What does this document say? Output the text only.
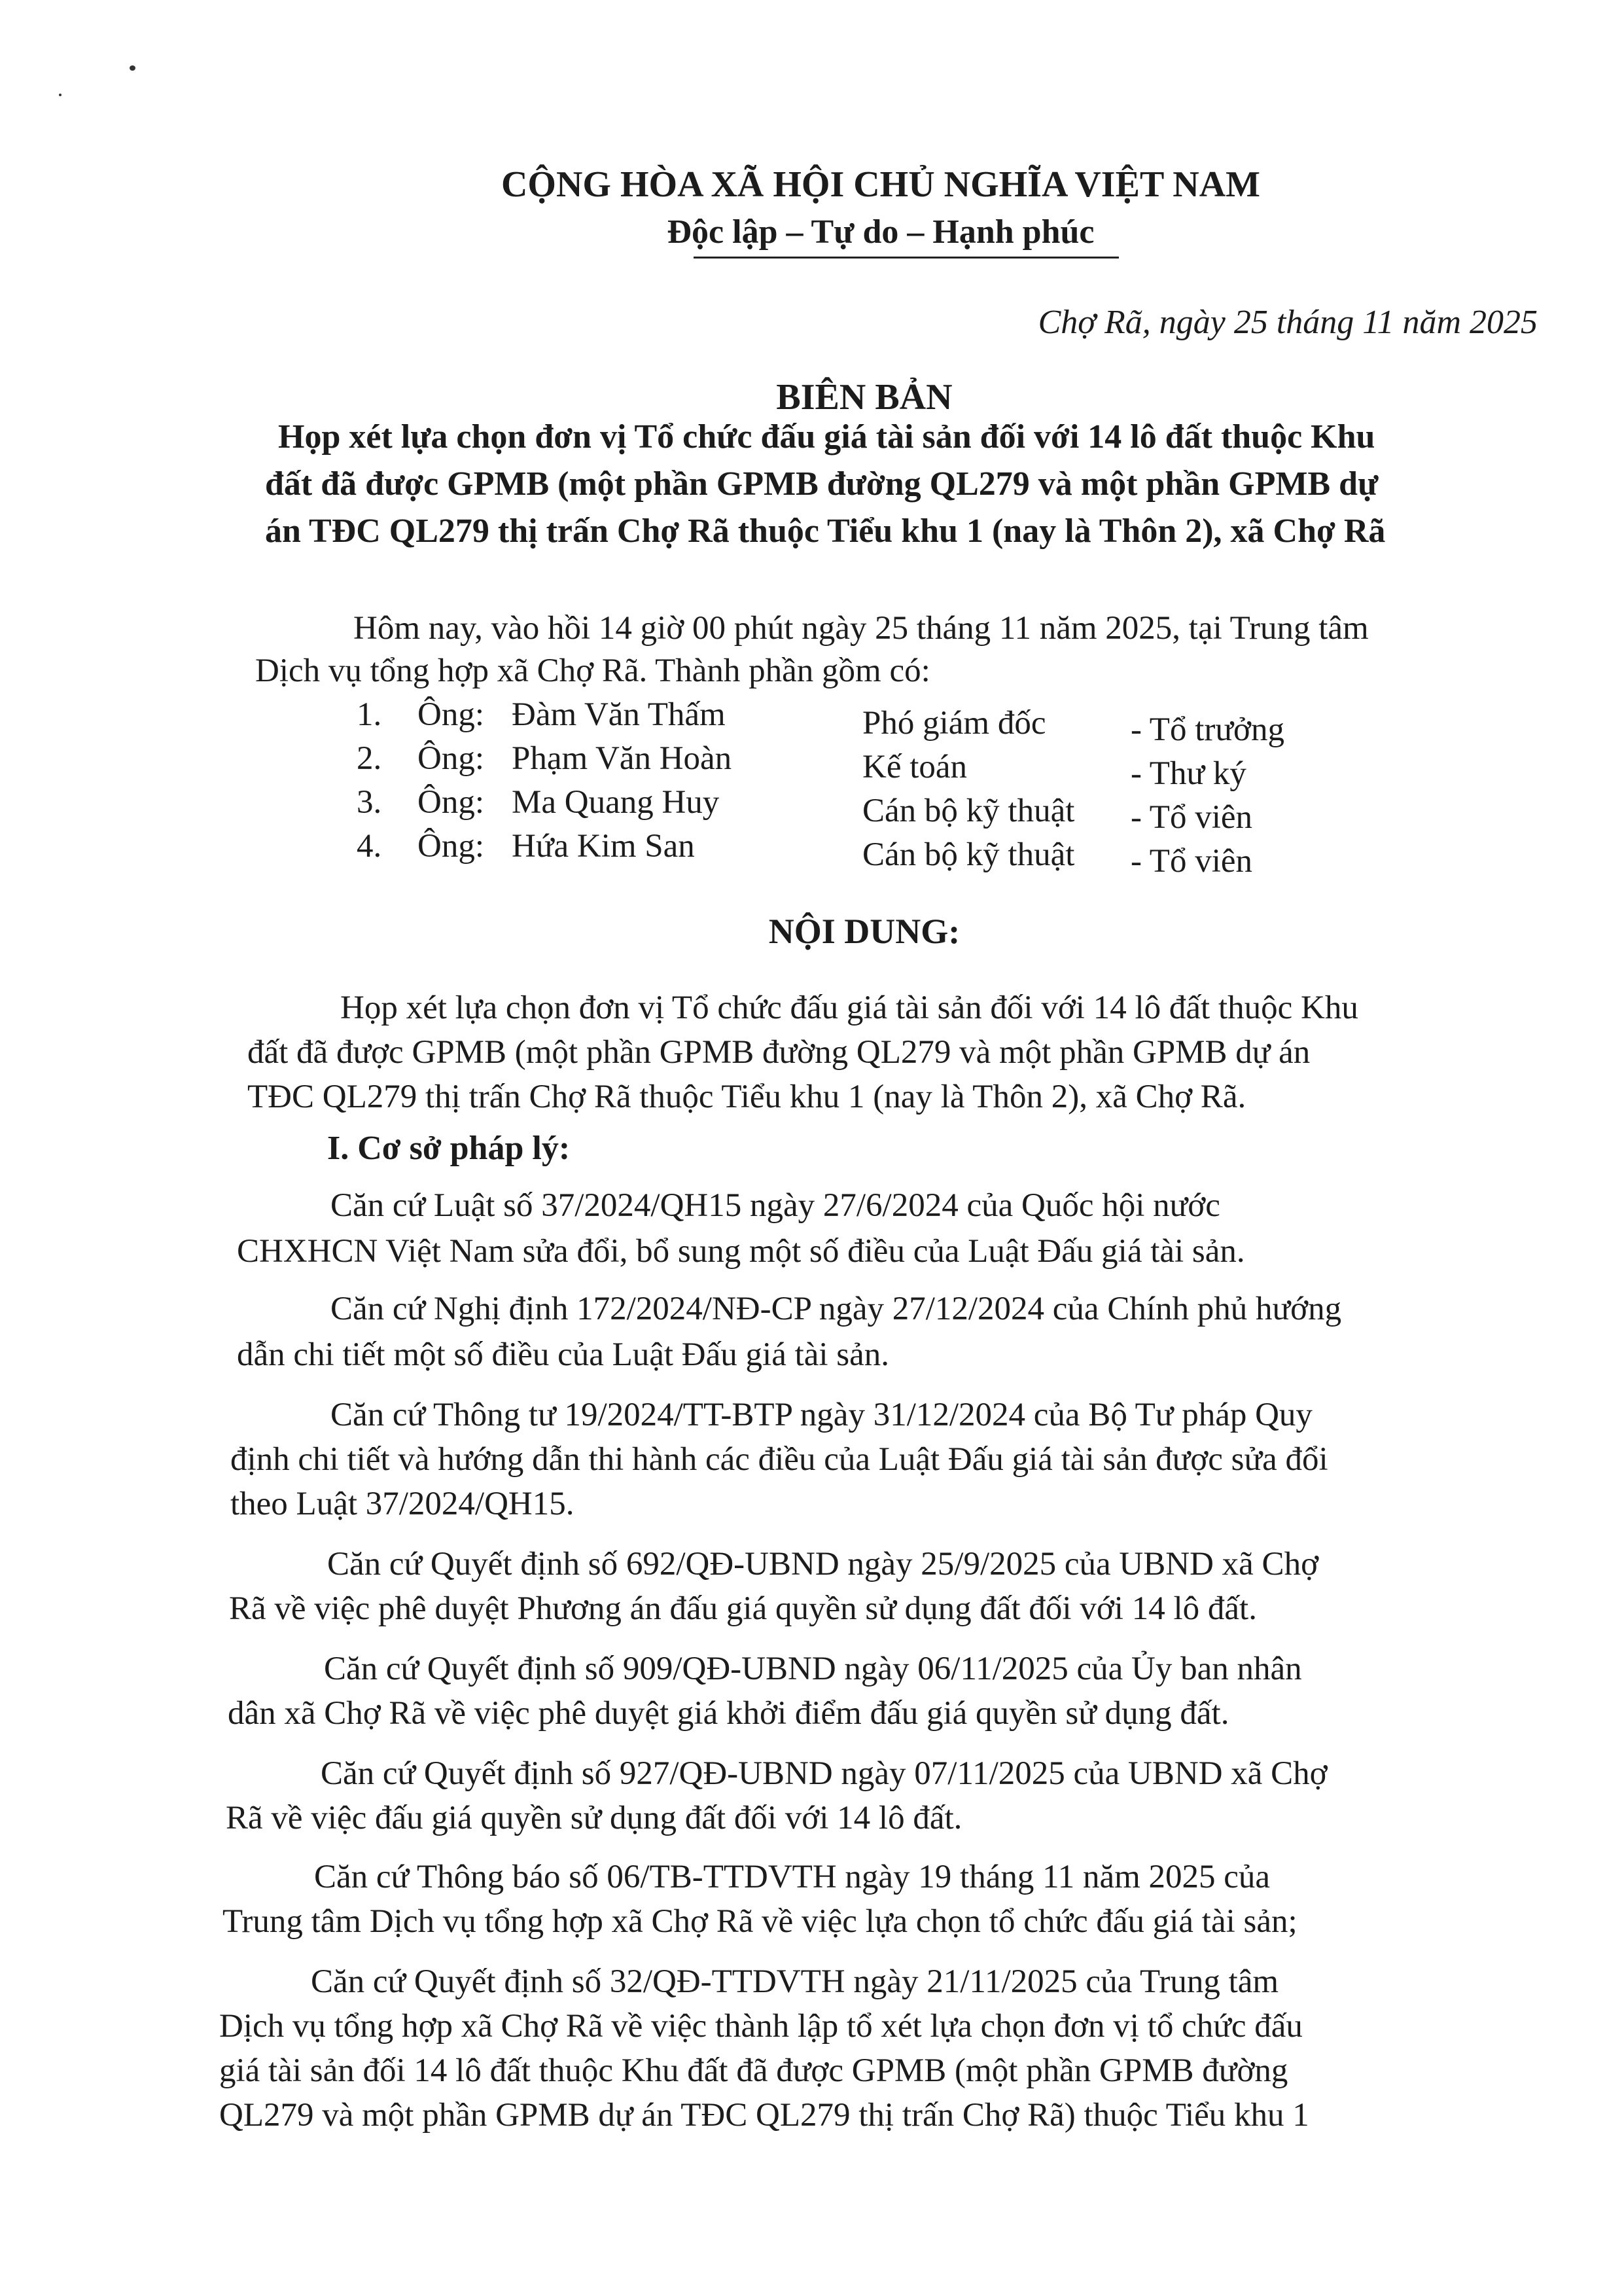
CỘNG HÒA XÃ HỘI CHỦ NGHĨA VIỆT NAM
Độc lập – Tự do – Hạnh phúc
Chợ Rã, ngày 25 tháng 11 năm 2025
BIÊN BẢN
Họp xét lựa chọn đơn vị Tổ chức đấu giá tài sản đối với 14 lô đất thuộc Khu
đất đã được GPMB (một phần GPMB đường QL279 và một phần GPMB dự
án TĐC QL279 thị trấn Chợ Rã thuộc Tiểu khu 1 (nay là Thôn 2), xã Chợ Rã
Hôm nay, vào hồi 14 giờ 00 phút ngày 25 tháng 11 năm 2025, tại Trung tâm
Dịch vụ tổng hợp xã Chợ Rã. Thành phần gồm có:
1. Ông: Đàm Văn Thấm	Phó giám đốc	- Tổ trưởng
2. Ông: Phạm Văn Hoàn	Kế toán	- Thư ký
3. Ông: Ma Quang Huy	Cán bộ kỹ thuật - Tổ viên
4. Ông: Hứa Kim San	Cán bộ kỹ thuật - Tổ viên
NỘI DUNG:
Họp xét lựa chọn đơn vị Tổ chức đấu giá tài sản đối với 14 lô đất thuộc Khu
đất đã được GPMB (một phần GPMB đường QL279 và một phần GPMB dự án
TĐC QL279 thị trấn Chợ Rã thuộc Tiểu khu 1 (nay là Thôn 2), xã Chợ Rã.
I. Cơ sở pháp lý:
Căn cứ Luật số 37/2024/QH15 ngày 27/6/2024 của Quốc hội nước
CHXHCN Việt Nam sửa đổi, bổ sung một số điều của Luật Đấu giá tài sản.
Căn cứ Nghị định 172/2024/NĐ-CP ngày 27/12/2024 của Chính phủ hướng
dẫn chi tiết một số điều của Luật Đấu giá tài sản.
Căn cứ Thông tư 19/2024/TT-BTP ngày 31/12/2024 của Bộ Tư pháp Quy
định chi tiết và hướng dẫn thi hành các điều của Luật Đấu giá tài sản được sửa đổi
theo Luật 37/2024/QH15.
Căn cứ Quyết định số 692/QĐ-UBND ngày 25/9/2025 của UBND xã Chợ
Rã về việc phê duyệt Phương án đấu giá quyền sử dụng đất đối với 14 lô đất.
Căn cứ Quyết định số 909/QĐ-UBND ngày 06/11/2025 của Ủy ban nhân
dân xã Chợ Rã về việc phê duyệt giá khởi điểm đấu giá quyền sử dụng đất.
Căn cứ Quyết định số 927/QĐ-UBND ngày 07/11/2025 của UBND xã Chợ
Rã về việc đấu giá quyền sử dụng đất đối với 14 lô đất.
Căn cứ Thông báo số 06/TB-TTDVTH ngày 19 tháng 11 năm 2025 của
Trung tâm Dịch vụ tổng hợp xã Chợ Rã về việc lựa chọn tổ chức đấu giá tài sản;
Căn cứ Quyết định số 32/QĐ-TTDVTH ngày 21/11/2025 của Trung tâm
Dịch vụ tổng hợp xã Chợ Rã về việc thành lập tổ xét lựa chọn đơn vị tổ chức đấu
giá tài sản đối 14 lô đất thuộc Khu đất đã được GPMB (một phần GPMB đường
QL279 và một phần GPMB dự án TĐC QL279 thị trấn Chợ Rã) thuộc Tiểu khu 1
